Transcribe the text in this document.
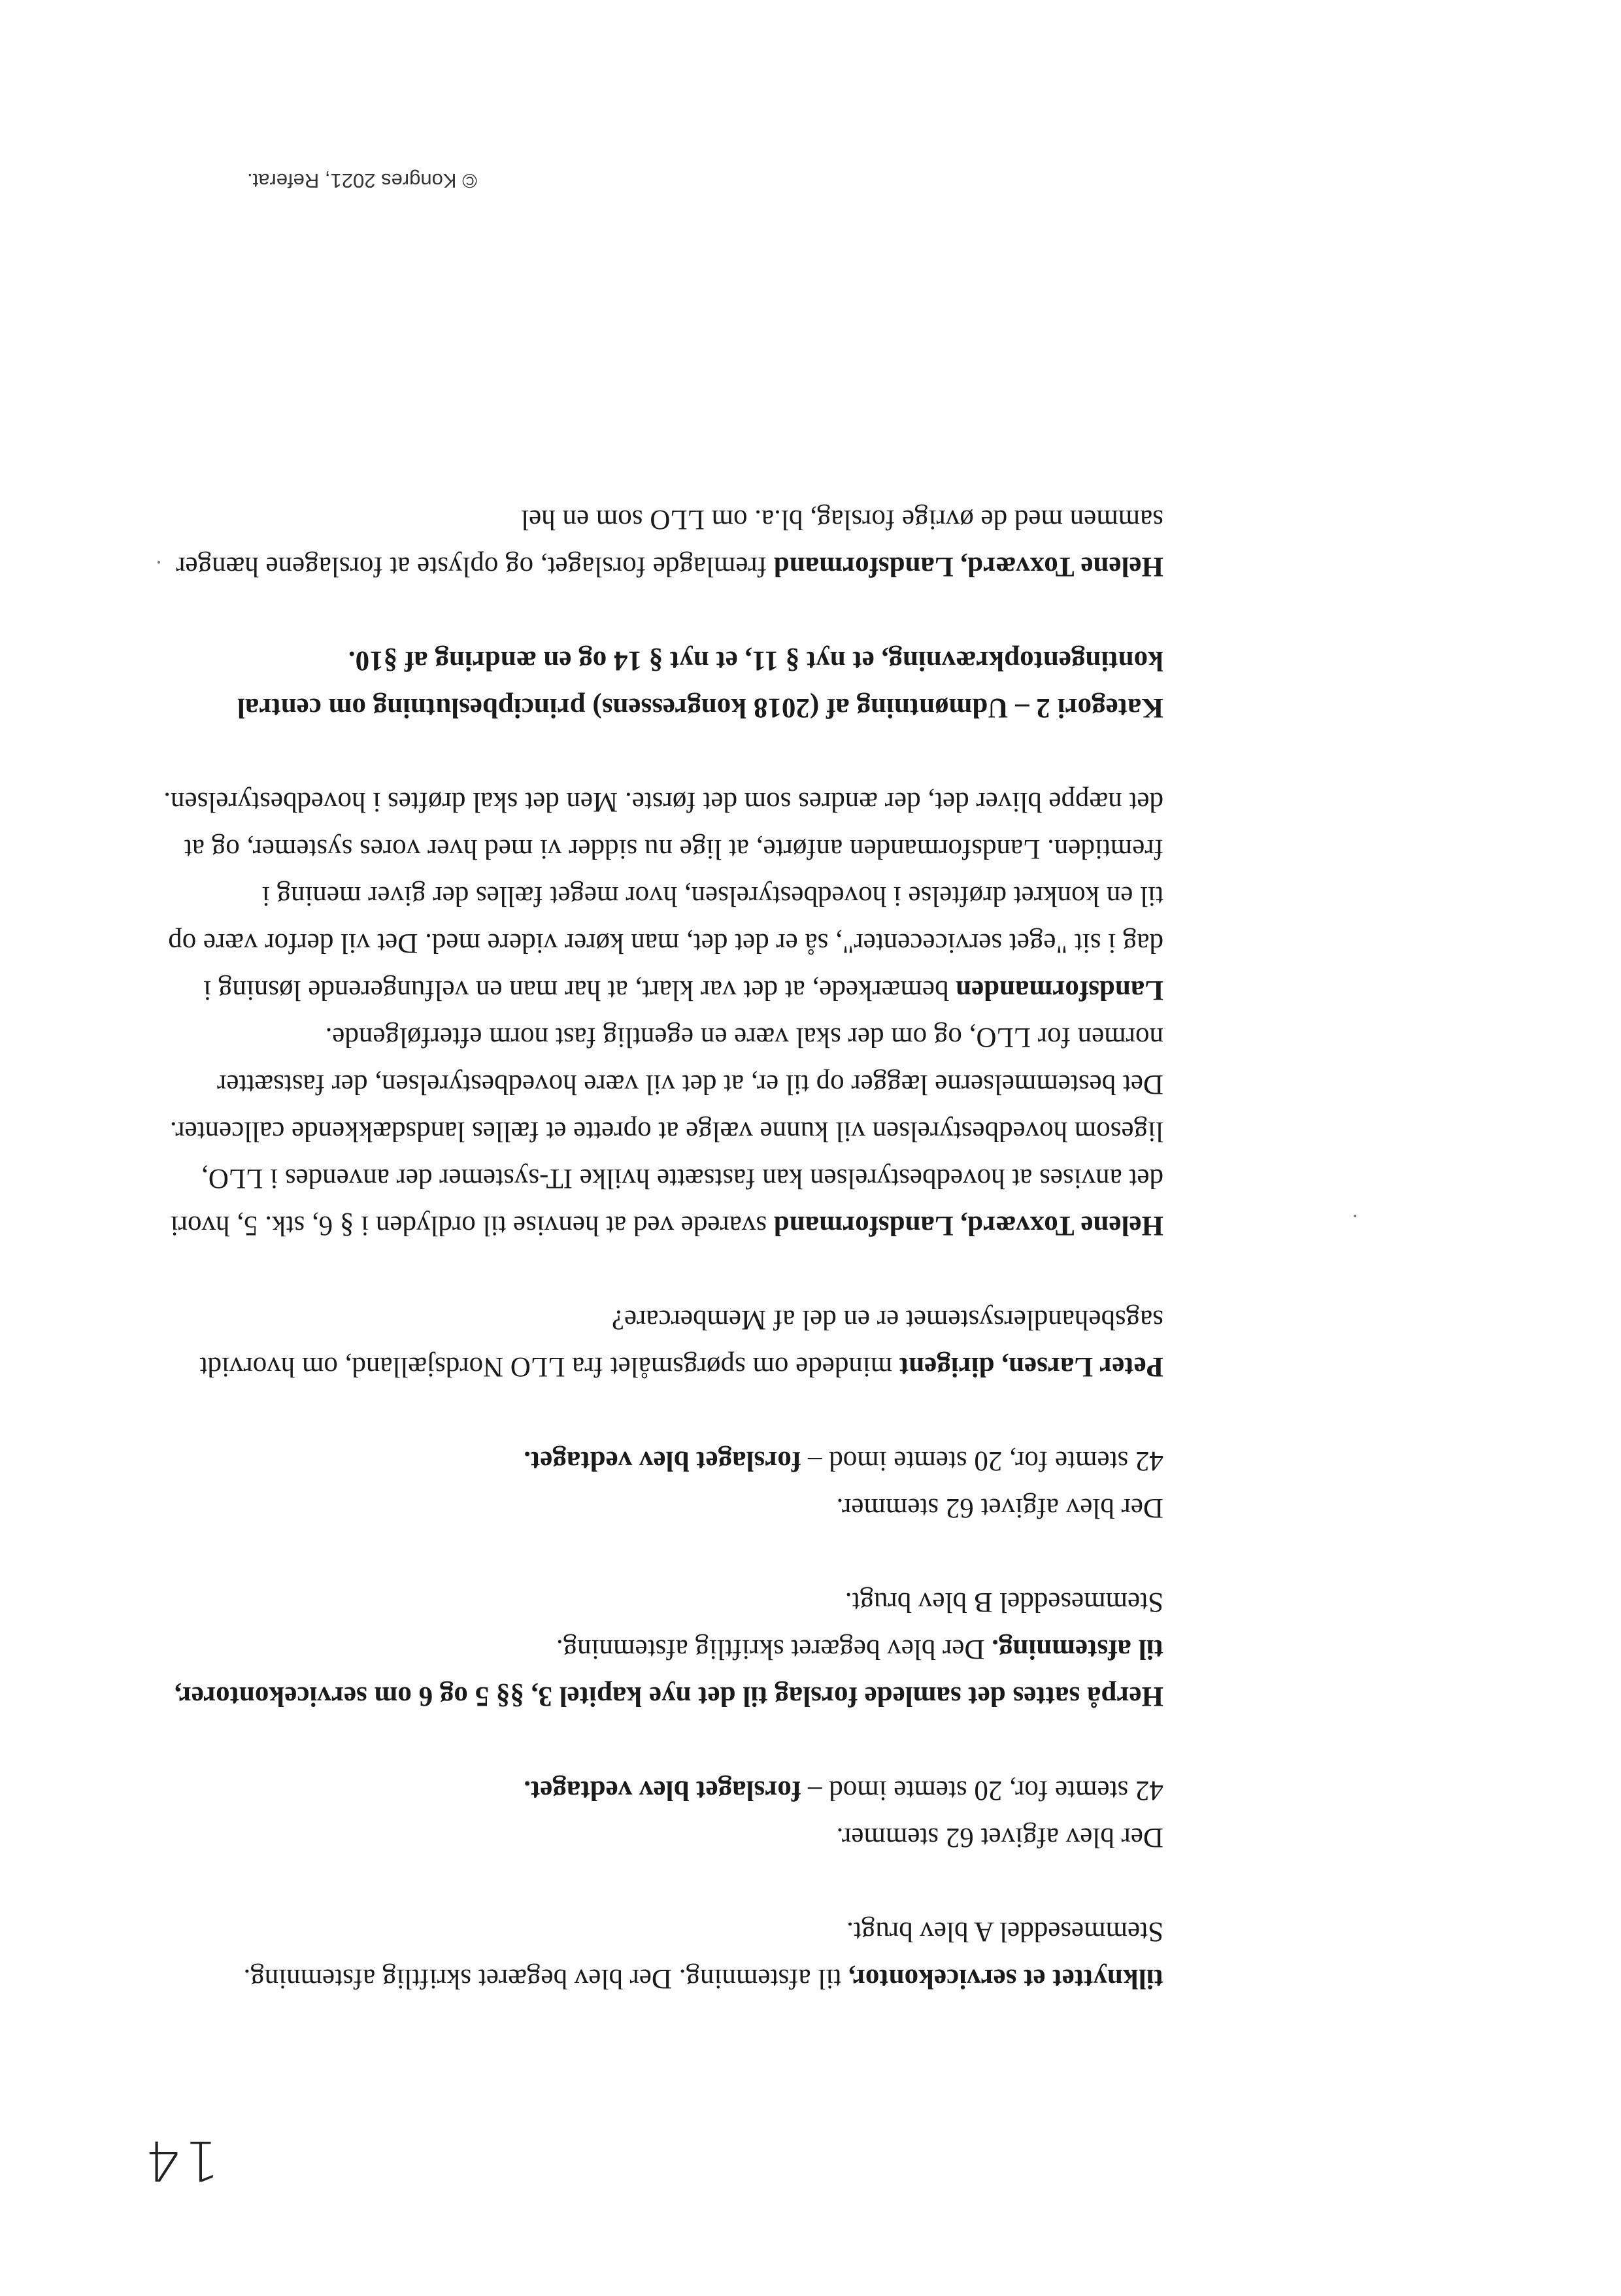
14

tilknyttet et servicekontor, til afstemning. Der blev begæret skriftlig afstemning. Stemmeseddel A blev brugt.

Der blev afgivet 62 stemmer.

42 stemte for, 20 stemte imod – forslaget blev vedtaget.

Herpå sattes det samlede forslag til det nye kapitel 3, §§ 5 og 6 om servicekontorer, til afstemning. Der blev begæret skriftlig afstemning.

Stemmeseddel B blev brugt.

Der blev afgivet 62 stemmer.

42 stemte for, 20 stemte imod – forslaget blev vedtaget.

Peter Larsen, dirigent mindede om spørgsmålet fra LLO Nordsjælland, om hvorvidt sagsbehandlersystemet er en del af Membercare?

Helene Toxværd, Landsformand svarede ved at henvise til ordlyden i § 6, stk. 5, hvori det anvises at hovedbestyrelsen kan fastsætte hvilke IT-systemer der anvendes i LLO, ligesom hovedbestyrelsen vil kunne vælge at oprette et fælles landsdækkende callcenter. Det bestemmelserne lægger op til er, at det vil være hovedbestyrelsen, der fastsætter normen for LLO, og om der skal være en egentlig fast norm efterfølgende. Landsformanden bemærkede, at det var klart, at har man en velfungerende løsning i dag i sit "eget servicecenter", så er det det, man kører videre med. Det vil derfor være op til en konkret drøftelse i hovedbestyrelsen, hvor meget fælles der giver mening i fremtiden. Landsformanden anførte, at lige nu sidder vi med hver vores systemer, og at det næppe bliver det, der ændres som det første. Men det skal drøftes i hovedbestyrelsen.

Kategori 2 – Udmøntning af (2018 kongressens) principbeslutning om central kontingentopkrævning, et nyt § 11, et nyt § 14 og en ændring af §10.

Helene Toxværd, Landsformand fremlagde forslaget, og oplyste at forslagene hænger sammen med de øvrige forslag, bl.a. om LLO som en hel

© Kongres 2021, Referat.
